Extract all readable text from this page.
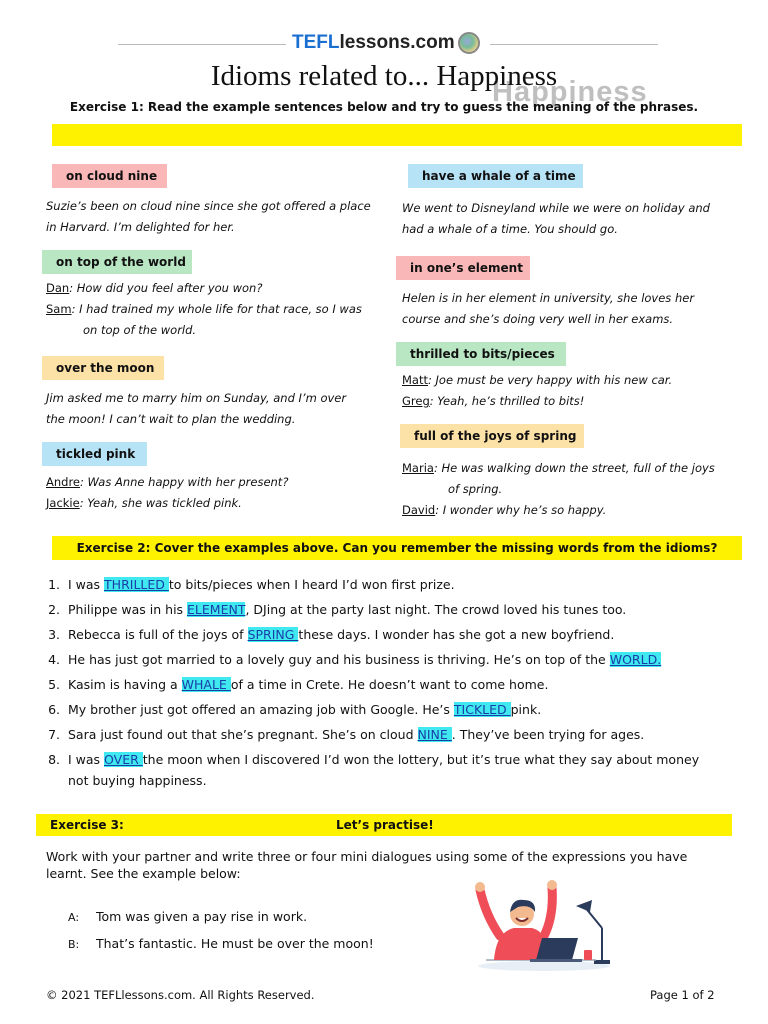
TEFLlessons.com
Happiness
Idioms related to... Happiness
Exercise 1: Read the example sentences below and try to guess the meaning of the phrases.
on cloud nine
Suzie’s been on cloud nine since she got offered a place
in Harvard. I’m delighted for her.
on top of the world
Dan: How did you feel after you won?
Sam: I had trained my whole life for that race, so I was
on top of the world.
over the moon
Jim asked me to marry him on Sunday, and I’m over
the moon! I can’t wait to plan the wedding.
tickled pink
Andre: Was Anne happy with her present?
Jackie: Yeah, she was tickled pink.
have a whale of a time
We went to Disneyland while we were on holiday and
had a whale of a time. You should go.
in one’s element
Helen is in her element in university, she loves her
course and she’s doing very well in her exams.
thrilled to bits/pieces
Matt: Joe must be very happy with his new car.
Greg: Yeah, he’s thrilled to bits!
full of the joys of spring
Maria: He was walking down the street, full of the joys
of spring.
David: I wonder why he’s so happy.
Exercise 2: Cover the examples above. Can you remember the missing words from the idioms?
1. I was THRILLED to bits/pieces when I heard I’d won first prize.
2. Philippe was in his ELEMENT, DJing at the party last night. The crowd loved his tunes too.
3. Rebecca is full of the joys of SPRING these days. I wonder has she got a new boyfriend.
4. He has just got married to a lovely guy and his business is thriving. He’s on top of the WORLD.
5. Kasim is having a WHALE of a time in Crete. He doesn’t want to come home.
6. My brother just got offered an amazing job with Google. He’s TICKLED pink.
7. Sara just found out that she’s pregnant. She’s on cloud NINE . They’ve been trying for ages.
8. I was OVER the moon when I discovered I’d won the lottery, but it’s true what they say about money
not buying happiness.
Exercise 3:	Let’s practise!
Work with your partner and write three or four mini dialogues using some of the expressions you have
learnt. See the example below:
A: Tom was given a pay rise in work.
B: That’s fantastic. He must be over the moon!
© 2021 TEFLlessons.com. All Rights Reserved.	Page 1 of 2
